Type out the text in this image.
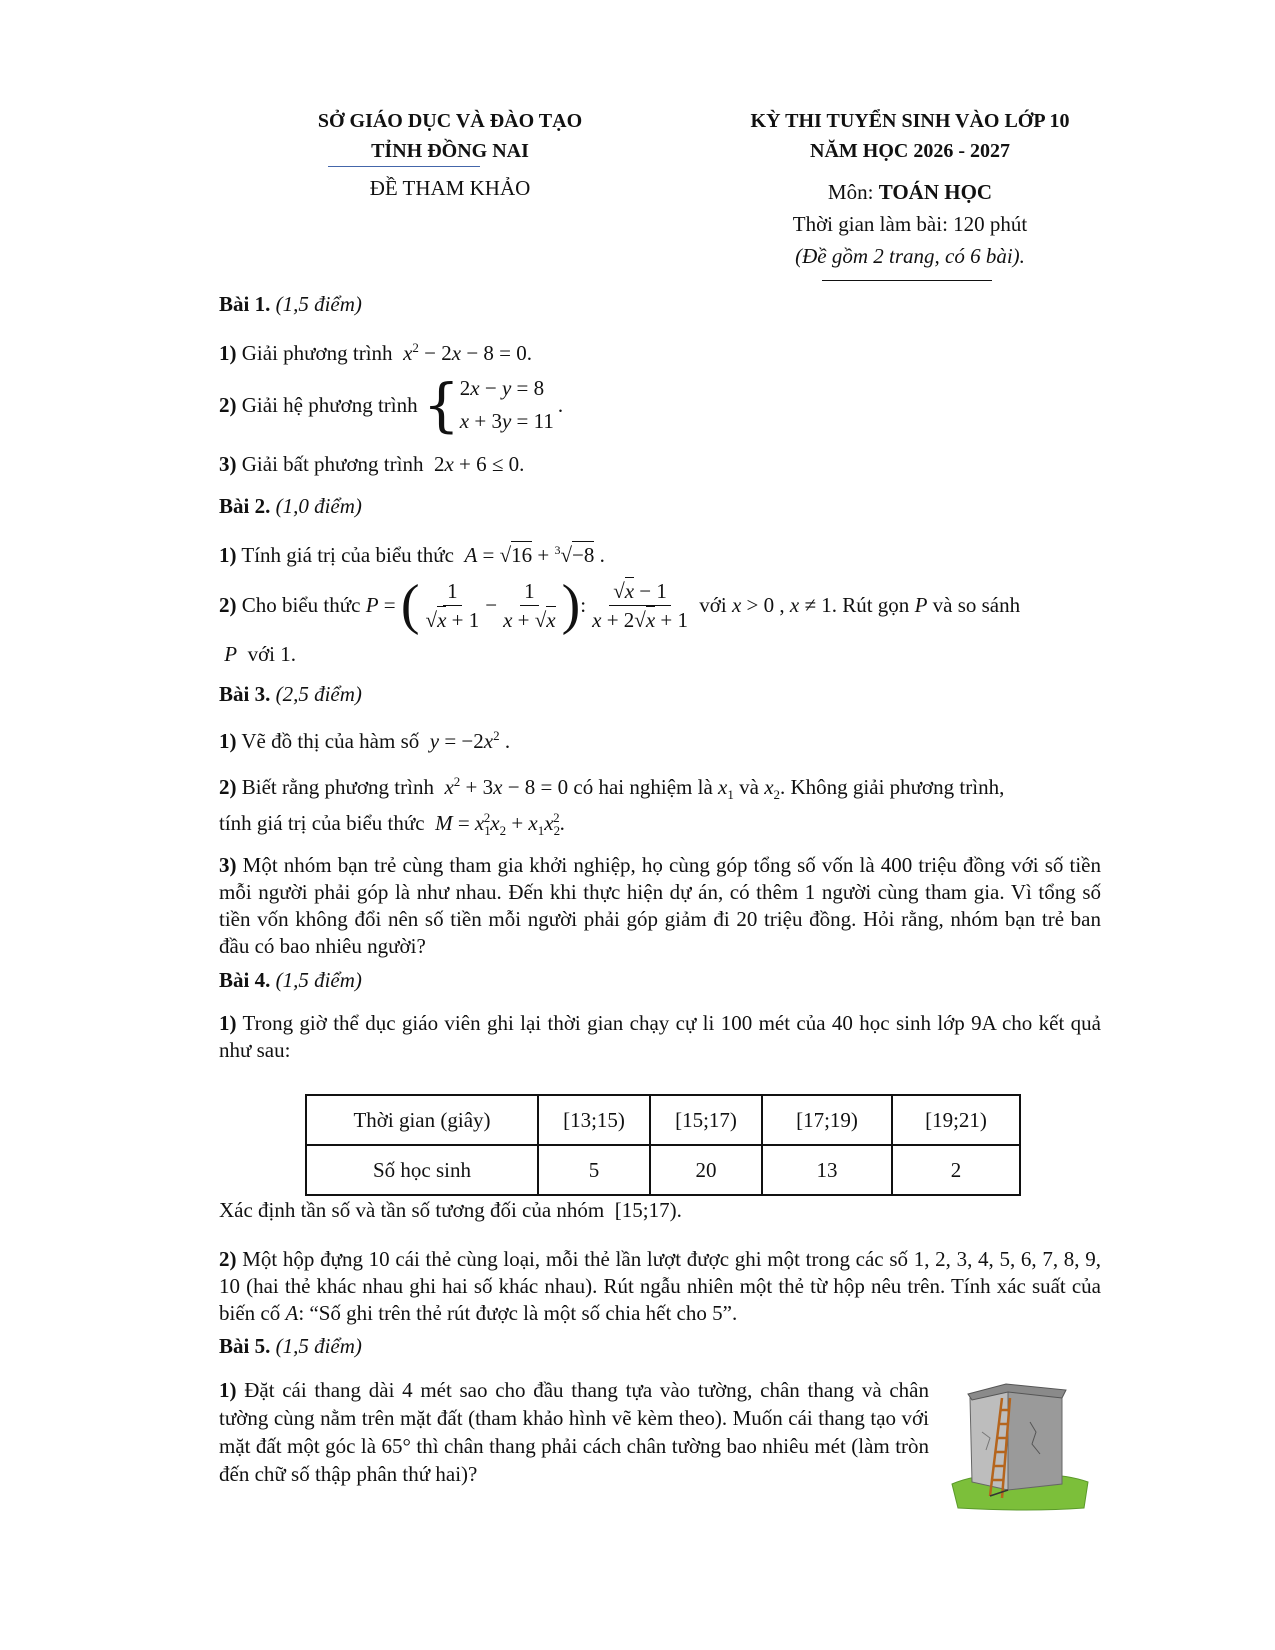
SỞ GIÁO DỤC VÀ ĐÀO TẠO
TỈNH ĐỒNG NAI
ĐỀ THAM KHẢO
KỲ THI TUYỂN SINH VÀO LỚP 10
NĂM HỌC 2026 - 2027
Môn: TOÁN HỌC
Thời gian làm bài: 120 phút
(Đề gồm 2 trang, có 6 bài).
Bài 1. (1,5 điểm)
1) Giải phương trình $x^2 - 2x - 8 = 0$.
2)
Giải hệ phương trình
{ 2x − y = 8
x + 3y = 11
.
3) Giải bất phương trình 2x + 6 ≤ 0.
Bài 2. (1,0 điểm)
1) Tính giá trị của biểu thức A = √16 + $^3$√−8 .
2)
Cho biểu thức
P = ( $\frac{1}{√x + 1} - \frac{1}{x + √x}$ ) : $\frac{√x - 1}{x + 2√x + 1}$
với
x > 0 , x ≠ 1 . Rút gọn
P
và so sánh
P với 1.
Bài 3. (2,5 điểm)
1) Vẽ đồ thị của hàm số $y = -2x^2$ .
2) Biết rằng phương trình $x^2 + 3x - 8 = 0$ có hai nghiệm là $x_1$ và $x_2$. Không giải phương trình,
tính giá trị của biểu thức $M = x_1^2x_2 + x_1x_2^2$.
3) Một nhóm bạn trẻ cùng tham gia khởi nghiệp, họ cùng góp tổng số vốn là 400 triệu đồng với số tiền mỗi người phải góp là như nhau. Đến khi thực hiện dự án, có thêm 1 người cùng tham gia. Vì tổng số tiền vốn không đổi nên số tiền mỗi người phải góp giảm đi 20 triệu đồng. Hỏi rằng, nhóm bạn trẻ ban đầu có bao nhiêu người?
Bài 4. (1,5 điểm)
1) Trong giờ thể dục giáo viên ghi lại thời gian chạy cự li 100 mét của 40 học sinh lớp 9A cho kết quả như sau:
Thời gian (giây)	[13;15)	[15;17)	[17;19)	[19;21)
Số học sinh	5	20	13	2
Xác định tần số và tần số tương đối của nhóm [15;17).
2) Một hộp đựng 10 cái thẻ cùng loại, mỗi thẻ lần lượt được ghi một trong các số 1, 2, 3, 4, 5, 6, 7, 8, 9, 10 (hai thẻ khác nhau ghi hai số khác nhau). Rút ngẫu nhiên một thẻ từ hộp nêu trên. Tính xác suất của biến cố A: “Số ghi trên thẻ rút được là một số chia hết cho 5”.
Bài 5. (1,5 điểm)
1) Đặt cái thang dài 4 mét sao cho đầu thang tựa vào tường, chân thang và chân tường cùng nằm trên mặt đất (tham khảo hình vẽ kèm theo). Muốn cái thang tạo với mặt đất một góc là 65° thì chân thang phải cách chân tường bao nhiêu mét (làm tròn đến chữ số thập phân thứ hai)?
